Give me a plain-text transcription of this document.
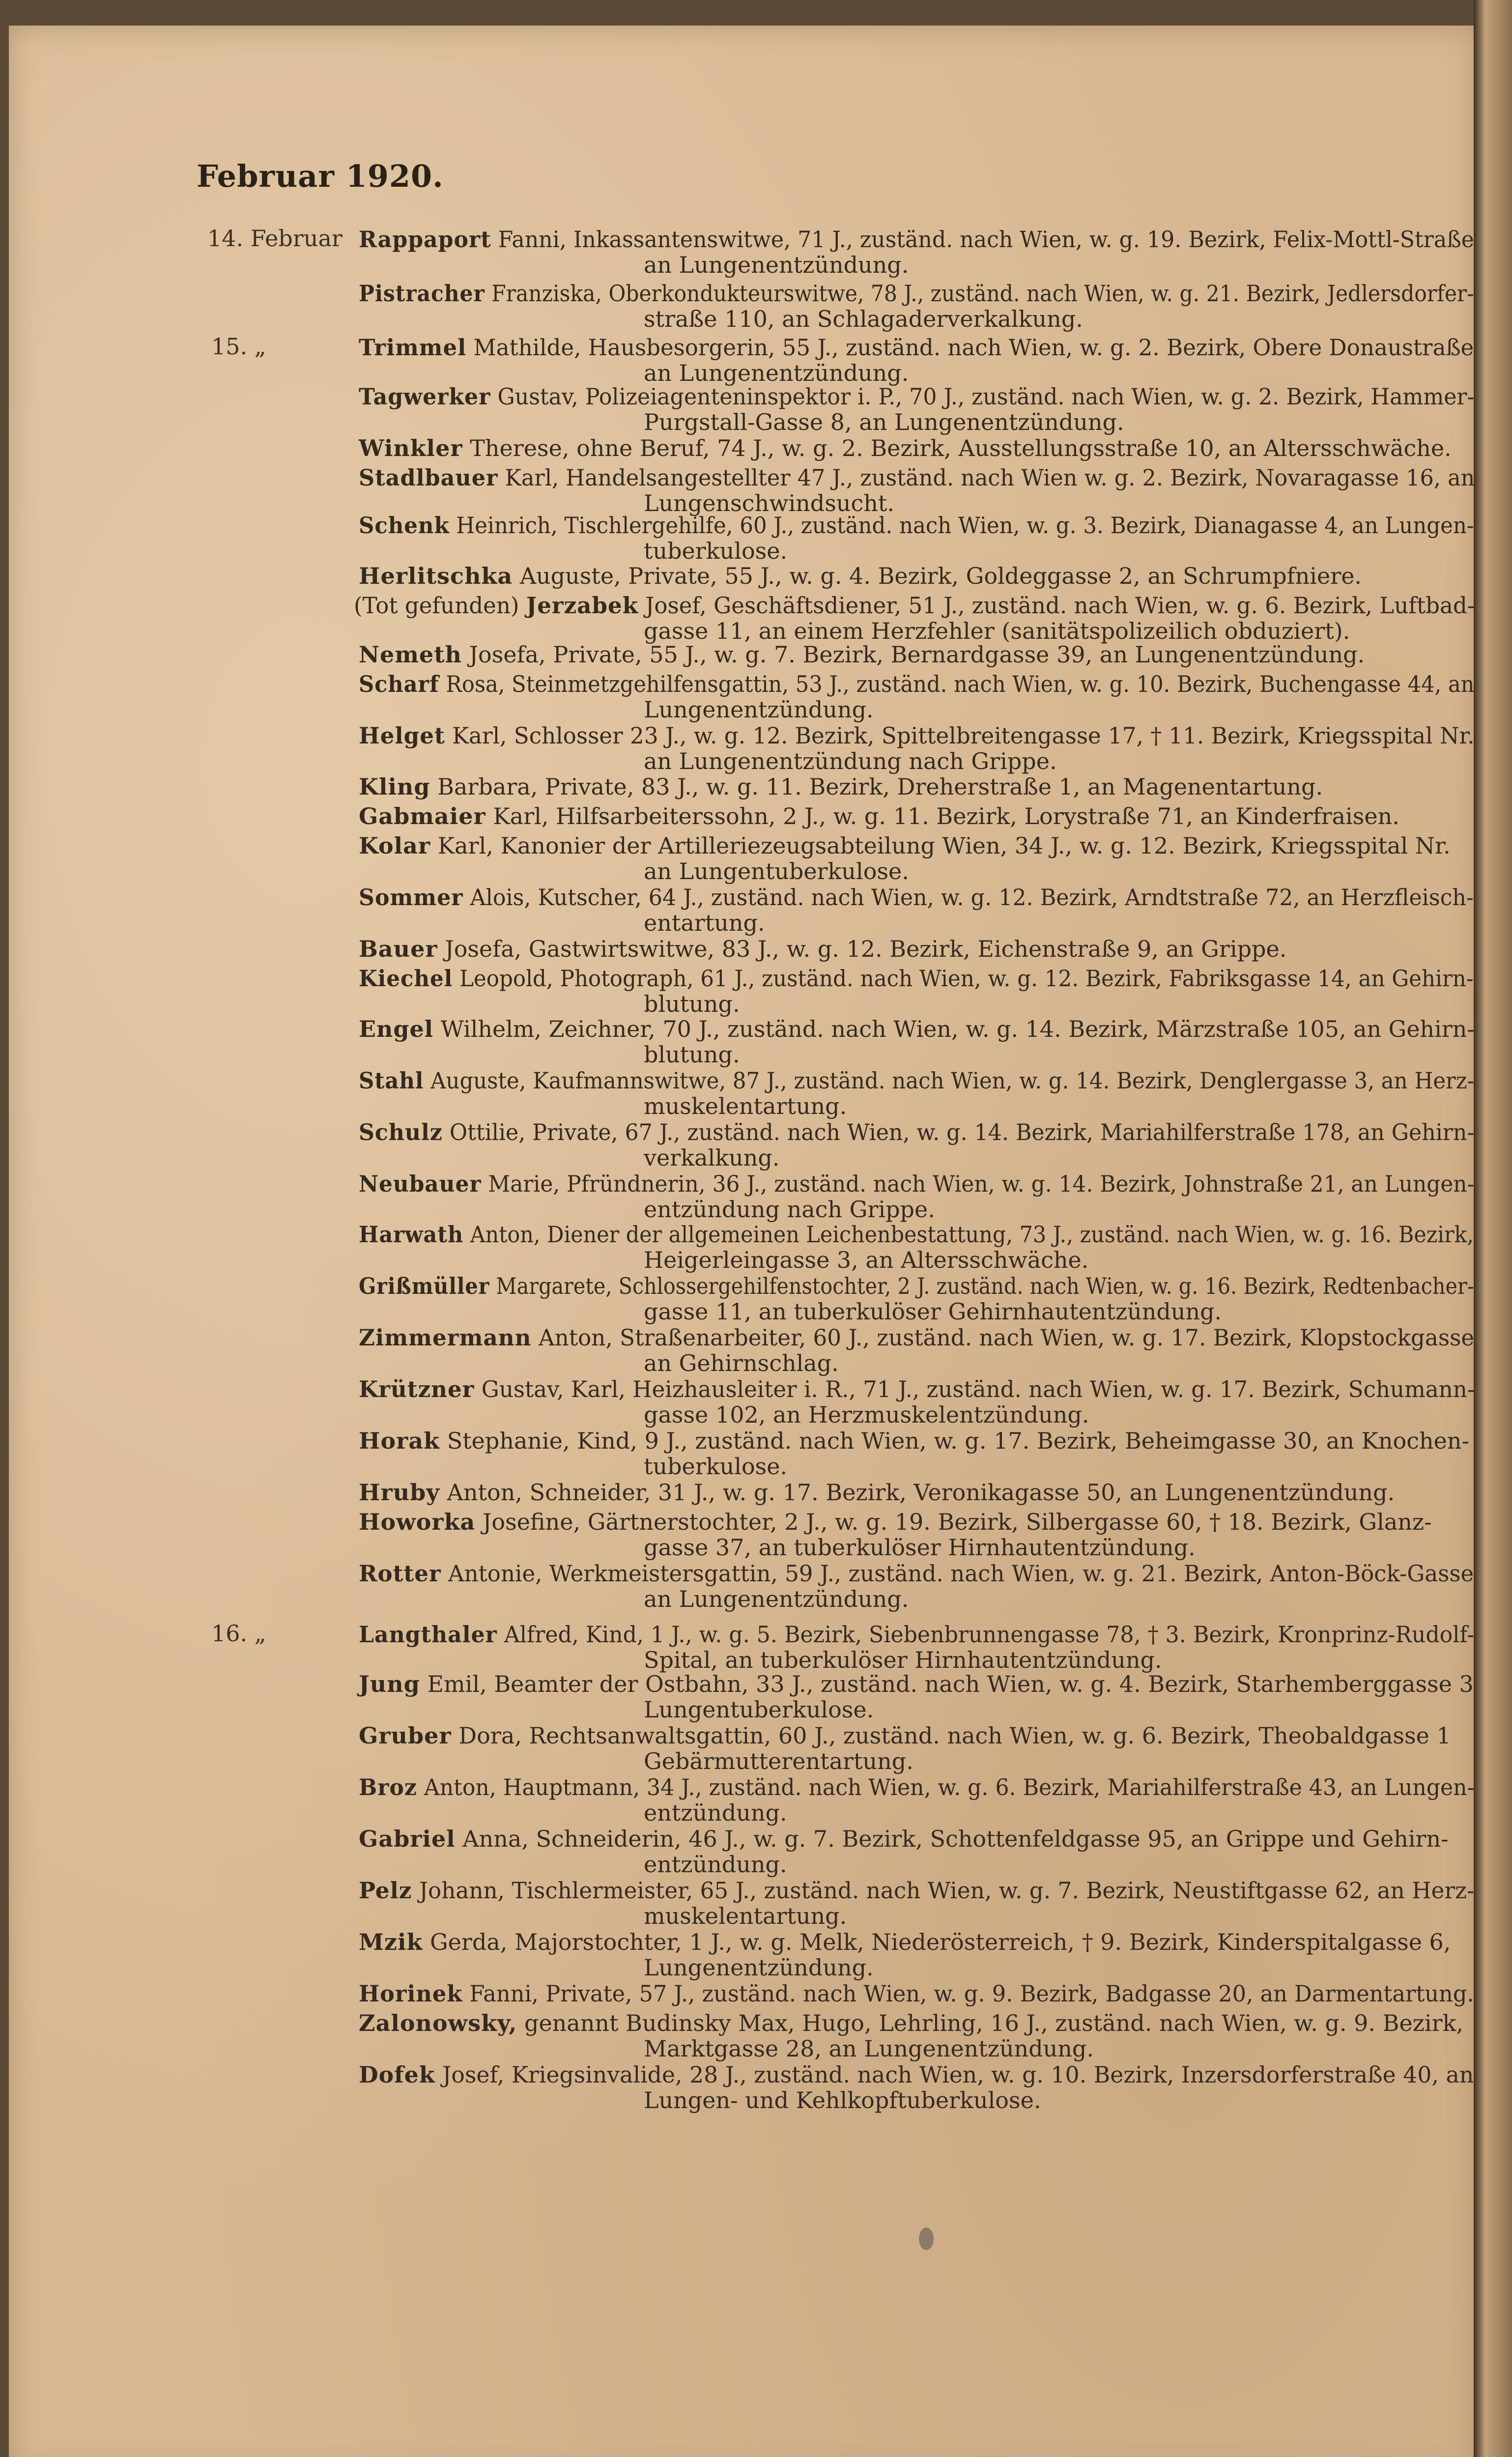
Februar 1920.
14. Februar
15. „
16. „
Rappaport Fanni, Inkassantenswitwe, 71 J., zuständ. nach Wien, w. g. 19. Bezirk, Felix-Mottl-Straße
an Lungenentzündung.
Pistracher Franziska, Oberkondukteurswitwe, 78 J., zuständ. nach Wien, w. g. 21. Bezirk, Jedlersdorfer-
straße 110, an Schlagaderverkalkung.
Trimmel Mathilde, Hausbesorgerin, 55 J., zuständ. nach Wien, w. g. 2. Bezirk, Obere Donaustraße
an Lungenentzündung.
Tagwerker Gustav, Polizeiagenteninspektor i. P., 70 J., zuständ. nach Wien, w. g. 2. Bezirk, Hammer-
Purgstall-Gasse 8, an Lungenentzündung.
Winkler Therese, ohne Beruf, 74 J., w. g. 2. Bezirk, Ausstellungsstraße 10, an Altersschwäche.
Stadlbauer Karl, Handelsangestellter 47 J., zuständ. nach Wien w. g. 2. Bezirk, Novaragasse 16, an
Lungenschwindsucht.
Schenk Heinrich, Tischlergehilfe, 60 J., zuständ. nach Wien, w. g. 3. Bezirk, Dianagasse 4, an Lungen-
tuberkulose.
Herlitschka Auguste, Private, 55 J., w. g. 4. Bezirk, Goldeggasse 2, an Schrumpfniere.
(Tot gefunden) Jerzabek Josef, Geschäftsdiener, 51 J., zuständ. nach Wien, w. g. 6. Bezirk, Luftbad-
gasse 11, an einem Herzfehler (sanitätspolizeilich obduziert).
Nemeth Josefa, Private, 55 J., w. g. 7. Bezirk, Bernardgasse 39, an Lungenentzündung.
Scharf Rosa, Steinmetzgehilfensgattin, 53 J., zuständ. nach Wien, w. g. 10. Bezirk, Buchengasse 44, an
Lungenentzündung.
Helget Karl, Schlosser 23 J., w. g. 12. Bezirk, Spittelbreitengasse 17, † 11. Bezirk, Kriegsspital Nr.
an Lungenentzündung nach Grippe.
Kling Barbara, Private, 83 J., w. g. 11. Bezirk, Dreherstraße 1, an Magenentartung.
Gabmaier Karl, Hilfsarbeiterssohn, 2 J., w. g. 11. Bezirk, Lorystraße 71, an Kinderfraisen.
Kolar Karl, Kanonier der Artilleriezeugsabteilung Wien, 34 J., w. g. 12. Bezirk, Kriegsspital Nr.
an Lungentuberkulose.
Sommer Alois, Kutscher, 64 J., zuständ. nach Wien, w. g. 12. Bezirk, Arndtstraße 72, an Herzfleisch-
entartung.
Bauer Josefa, Gastwirtswitwe, 83 J., w. g. 12. Bezirk, Eichenstraße 9, an Grippe.
Kiechel Leopold, Photograph, 61 J., zuständ. nach Wien, w. g. 12. Bezirk, Fabriksgasse 14, an Gehirn-
blutung.
Engel Wilhelm, Zeichner, 70 J., zuständ. nach Wien, w. g. 14. Bezirk, Märzstraße 105, an Gehirn-
blutung.
Stahl Auguste, Kaufmannswitwe, 87 J., zuständ. nach Wien, w. g. 14. Bezirk, Denglergasse 3, an Herz-
muskelentartung.
Schulz Ottilie, Private, 67 J., zuständ. nach Wien, w. g. 14. Bezirk, Mariahilferstraße 178, an Gehirn-
verkalkung.
Neubauer Marie, Pfründnerin, 36 J., zuständ. nach Wien, w. g. 14. Bezirk, Johnstraße 21, an Lungen-
entzündung nach Grippe.
Harwath Anton, Diener der allgemeinen Leichenbestattung, 73 J., zuständ. nach Wien, w. g. 16. Bezirk,
Heigerleingasse 3, an Altersschwäche.
Grißmüller Margarete, Schlossergehilfenstochter, 2 J. zuständ. nach Wien, w. g. 16. Bezirk, Redtenbacher-
gasse 11, an tuberkulöser Gehirnhautentzündung.
Zimmermann Anton, Straßenarbeiter, 60 J., zuständ. nach Wien, w. g. 17. Bezirk, Klopstockgasse
an Gehirnschlag.
Krützner Gustav, Karl, Heizhausleiter i. R., 71 J., zuständ. nach Wien, w. g. 17. Bezirk, Schumann-
gasse 102, an Herzmuskelentzündung.
Horak Stephanie, Kind, 9 J., zuständ. nach Wien, w. g. 17. Bezirk, Beheimgasse 30, an Knochen-
tuberkulose.
Hruby Anton, Schneider, 31 J., w. g. 17. Bezirk, Veronikagasse 50, an Lungenentzündung.
Howorka Josefine, Gärtnerstochter, 2 J., w. g. 19. Bezirk, Silbergasse 60, † 18. Bezirk, Glanz-
gasse 37, an tuberkulöser Hirnhautentzündung.
Rotter Antonie, Werkmeistersgattin, 59 J., zuständ. nach Wien, w. g. 21. Bezirk, Anton-Böck-Gasse
an Lungenentzündung.
Langthaler Alfred, Kind, 1 J., w. g. 5. Bezirk, Siebenbrunnengasse 78, † 3. Bezirk, Kronprinz-Rudolf-
Spital, an tuberkulöser Hirnhautentzündung.
Jung Emil, Beamter der Ostbahn, 33 J., zuständ. nach Wien, w. g. 4. Bezirk, Starhemberggasse 3
Lungentuberkulose.
Gruber Dora, Rechtsanwaltsgattin, 60 J., zuständ. nach Wien, w. g. 6. Bezirk, Theobaldgasse 1
Gebärmutterentartung.
Broz Anton, Hauptmann, 34 J., zuständ. nach Wien, w. g. 6. Bezirk, Mariahilferstraße 43, an Lungen-
entzündung.
Gabriel Anna, Schneiderin, 46 J., w. g. 7. Bezirk, Schottenfeldgasse 95, an Grippe und Gehirn-
entzündung.
Pelz Johann, Tischlermeister, 65 J., zuständ. nach Wien, w. g. 7. Bezirk, Neustiftgasse 62, an Herz-
muskelentartung.
Mzik Gerda, Majorstochter, 1 J., w. g. Melk, Niederösterreich, † 9. Bezirk, Kinderspitalgasse 6,
Lungenentzündung.
Horinek Fanni, Private, 57 J., zuständ. nach Wien, w. g. 9. Bezirk, Badgasse 20, an Darmentartung.
Zalonowsky, genannt Budinsky Max, Hugo, Lehrling, 16 J., zuständ. nach Wien, w. g. 9. Bezirk,
Marktgasse 28, an Lungenentzündung.
Dofek Josef, Kriegsinvalide, 28 J., zuständ. nach Wien, w. g. 10. Bezirk, Inzersdorferstraße 40, an
Lungen- und Kehlkopftuberkulose.
